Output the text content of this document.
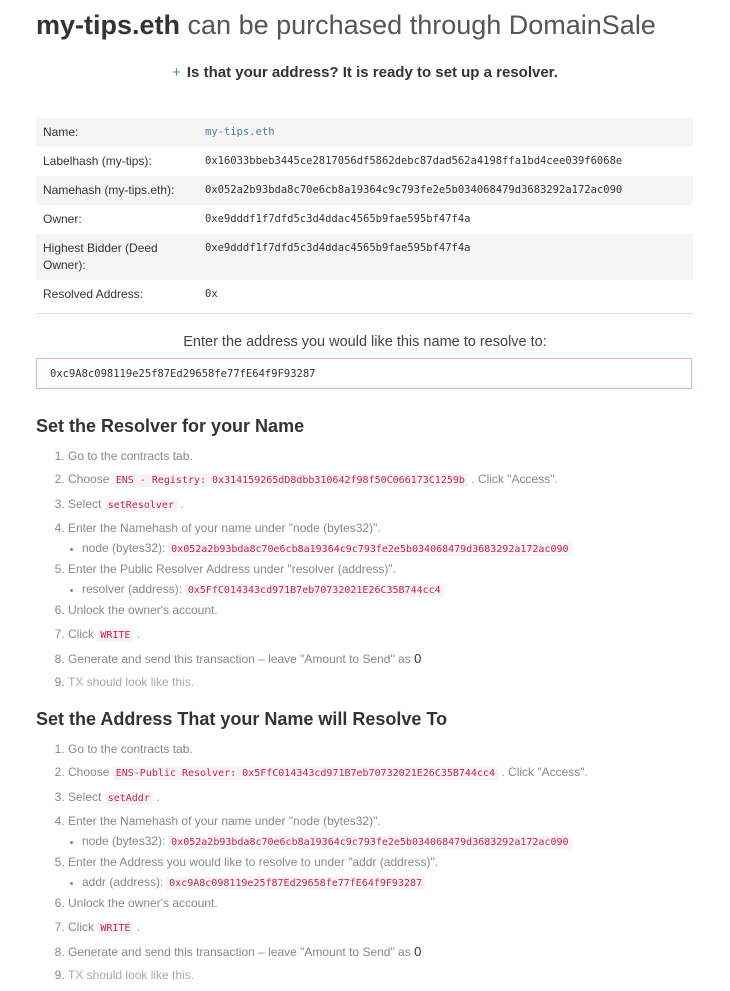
my-tips.eth can be purchased through DomainSale
+ Is that your address? It is ready to set up a resolver.
Name:	my-tips.eth
Labelhash (my-tips):	0x16033bbeb3445ce2817056df5862debc87dad562a4198ffa1bd4cee039f6068e
Namehash (my-tips.eth):	0x052a2b93bda8c70e6cb8a19364c9c793fe2e5b034068479d3683292a172ac090
Owner:	0xe9dddf1f7dfd5c3d4ddac4565b9fae595bf47f4a
Highest Bidder (Deed Owner):	0xe9dddf1f7dfd5c3d4ddac4565b9fae595bf47f4a
Resolved Address:	0x
Enter the address you would like this name to resolve to:
0xc9A8c098119e25f87Ed29658fe77fE64f9F93287
Set the Resolver for your Name
1. Go to the contracts tab.
2. Choose ENS - Registry: 0x314159265dD8dbb310642f98f50C066173C1259b . Click "Access".
3. Select setResolver .
4. Enter the Namehash of your name under "node (bytes32)".
• node (bytes32): 0x052a2b93bda8c70e6cb8a19364c9c793fe2e5b034068479d3683292a172ac090
5. Enter the Public Resolver Address under "resolver (address)".
• resolver (address): 0x5FfC014343cd971B7eb70732021E26C35B744cc4
6. Unlock the owner's account.
7. Click WRITE .
8. Generate and send this transaction – leave "Amount to Send" as 0
9. TX should look like this.
Set the Address That your Name will Resolve To
1. Go to the contracts tab.
2. Choose ENS-Public Resolver: 0x5FfC014343cd971B7eb70732021E26C35B744cc4 . Click "Access".
3. Select setAddr .
4. Enter the Namehash of your name under "node (bytes32)".
• node (bytes32): 0x052a2b93bda8c70e6cb8a19364c9c793fe2e5b034068479d3683292a172ac090
5. Enter the Address you would like to resolve to under "addr (address)".
• addr (address): 0xc9A8c098119e25f87Ed29658fe77fE64f9F93287
6. Unlock the owner's account.
7. Click WRITE .
8. Generate and send this transaction – leave "Amount to Send" as 0
9. TX should look like this.
